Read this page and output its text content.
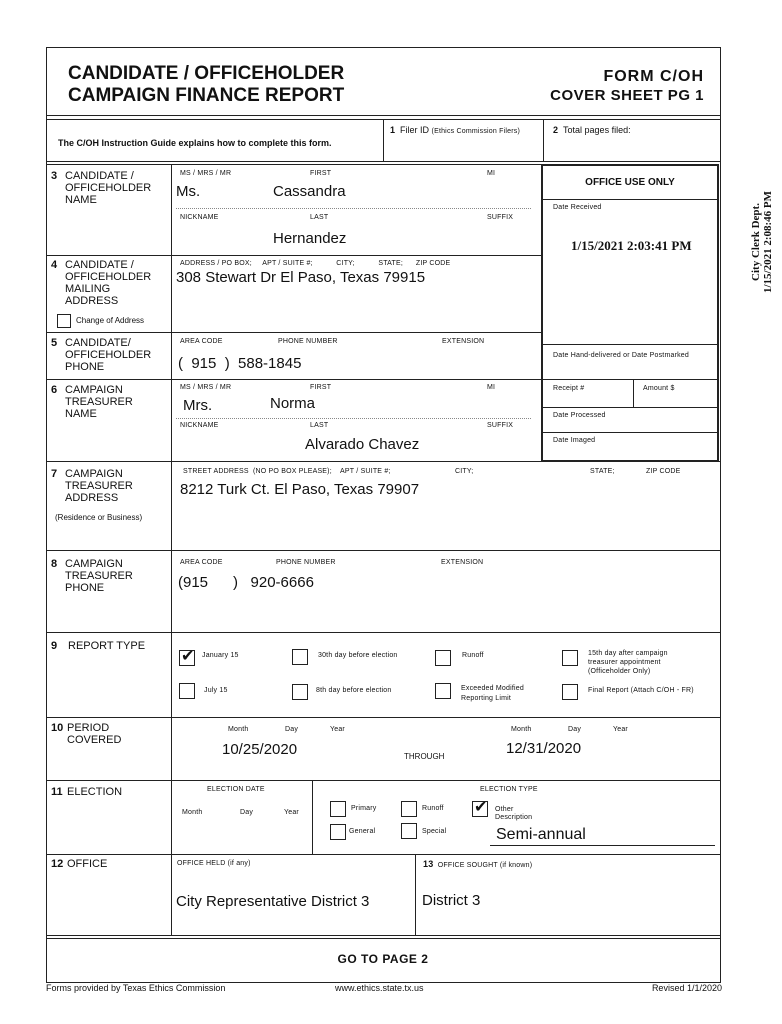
CANDIDATE / OFFICEHOLDER
CAMPAIGN FINANCE REPORT
FORM C/OH
COVER SHEET PG 1
The C/OH Instruction Guide explains how to complete this form.
1 Filer ID (Ethics Commission Filers)	2 Total pages filed:
OFFICE USE ONLY
Date Received
1/15/2021 2:03:41 PM
Date Hand-delivered or Date Postmarked
Receipt #	Amount $
Date Processed
Date Imaged
City Clerk Dept. 1/15/2021 2:08:46 PM
3 CANDIDATE /
OFFICEHOLDER
NAME
MS / MRS / MR	FIRST	MI
Ms.	Cassandra
NICKNAME	LAST	SUFFIX
Hernandez
4 CANDIDATE /
OFFICEHOLDER
MAILING
ADDRESS
ADDRESS / PO BOX;     APT / SUITE #;           CITY;           STATE;      ZIP CODE
308 Stewart Dr El Paso, Texas 79915
Change of Address
5 CANDIDATE/
OFFICEHOLDER
PHONE
AREA CODE	PHONE NUMBER	EXTENSION
(  915  )  588-1845
6 CAMPAIGN
TREASURER
NAME
MS / MRS / MR	FIRST	MI
Mrs.	Norma
NICKNAME	LAST	SUFFIX
Alvarado Chavez
7 CAMPAIGN
TREASURER
ADDRESS
(Residence or Business)
STREET ADDRESS  (NO PO BOX PLEASE);    APT / SUITE #;	CITY;	STATE;	ZIP CODE
8212 Turk Ct. El Paso, Texas 79907
8 CAMPAIGN
TREASURER
PHONE
AREA CODE	PHONE NUMBER	EXTENSION
(915      )   920-6666
9 REPORT TYPE
✔
January 15	30th day before election	Runoff	15th day after campaign
treasurer appointment
(Officeholder Only)
July 15	8th day before election	Exceeded Modified
Reporting Limit
Final Report (Attach C/OH - FR)
10 PERIOD
COVERED
Month	Day	Year
10/25/2020	THROUGH
Month	Day	Year
12/31/2020
11 ELECTION	ELECTION DATE
Month	Day	Year
ELECTION TYPE
Primary	Runoff
✔	Other
Description
General	Special	Semi-annual
12 OFFICE	OFFICE HELD (if any)
City Representative District 3
13 OFFICE SOUGHT (if known)
District 3
GO TO PAGE 2
Forms provided by Texas Ethics Commission	www.ethics.state.tx.us	Revised 1/1/2020
